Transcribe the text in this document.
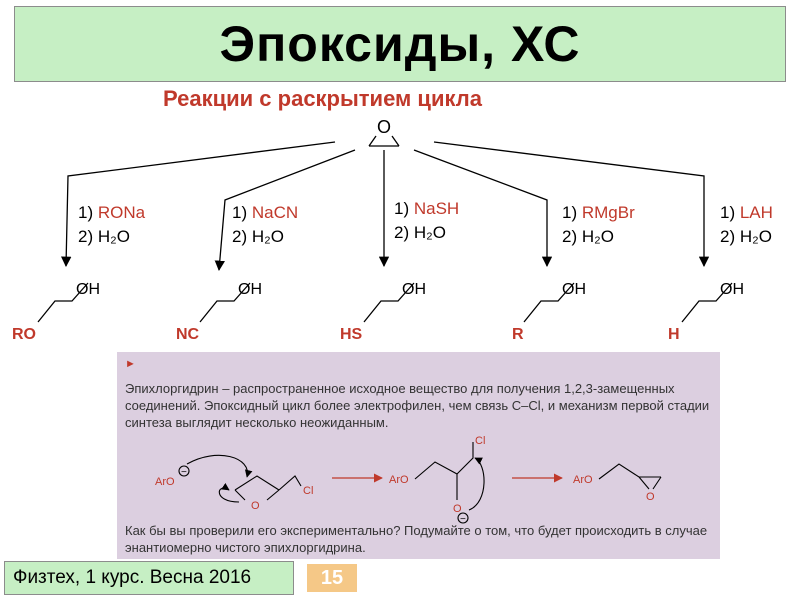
Эпоксиды, ХС
Реакции с раскрытием цикла
O
1) RONa
2) H₂O
1) NaCN
2) H₂O
1) NaSH
2) H₂O
1) RMgBr
2) H₂O
1) LAH
2) H₂O
RO
OH
NC
OH
HS
OH
R
OH
H
OH
►
Эпихлоргидрин – распространенное исходное вещество для получения 1,2,3-замещенных соединений. Эпоксидный цикл более электрофилен, чем связь C–Cl, и механизм первой стадии синтеза выглядит несколько неожиданным.
ArO
−
O
Cl
ArO
Cl
O
−
ArO
O
Как бы вы проверили его экспериментально? Подумайте о том, что будет происходить в случае энантиомерно чистого эпихлоргидрина.
Физтех, 1 курс. Весна 2016	15
